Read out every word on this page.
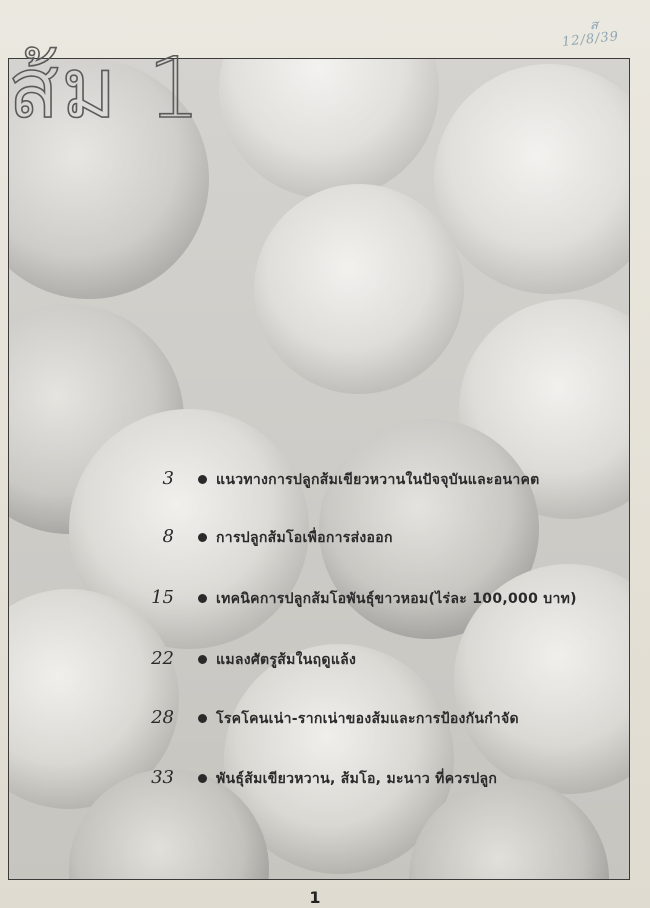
ส
12/8/39
ส้ม 1
3	แนวทางการปลูกส้มเขียวหวานในปัจจุบันและอนาคต
8	การปลูกส้มโอเพื่อการส่งออก
15	เทคนิคการปลูกส้มโอพันธุ์ขาวหอม(ไร่ละ 100,000 บาท)
22	แมลงศัตรูส้มในฤดูแล้ง
28	โรคโคนเน่า-รากเน่าของส้มและการป้องกันกำจัด
33	พันธุ์ส้มเขียวหวาน, ส้มโอ, มะนาว ที่ควรปลูก
1
